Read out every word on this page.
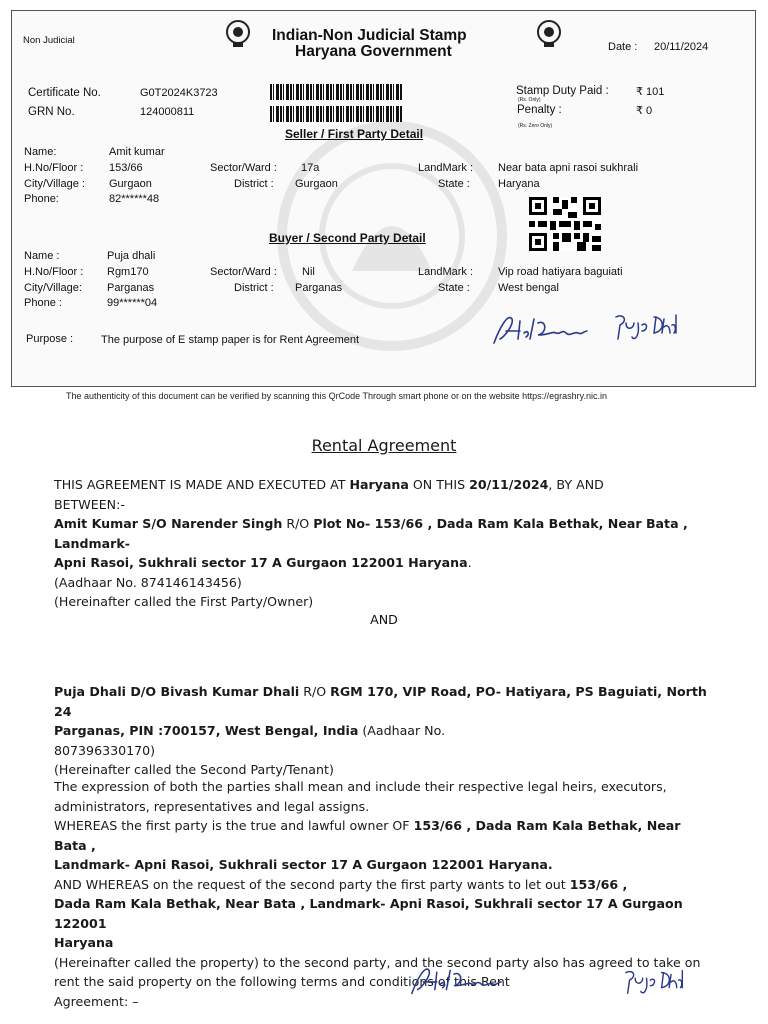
Non Judicial	Indian-Non Judicial Stamp
Haryana Government	Date : 20/11/2024
Certificate No.	G0T2024K3723
GRN No.	124000811
Stamp Duty Paid : ₹ 101
(Rs. Only)
Penalty :	₹ 0
(Rs. Zero Only)
Seller / First Party Detail
Name:	Amit kumar
H.No/Floor : 153/66	Sector/Ward : 17a	LandMark : Near bata apni rasoi sukhrali
City/Village : Gurgaon	District : Gurgaon	State :	Haryana
Phone:	82******48
Buyer / Second Party Detail
Name :	Puja dhali
H.No/Floor : Rgm170	Sector/Ward : Nil	LandMark : Vip road hatiyara baguiati
City/Village: Parganas	District : Parganas	State :	West bengal
Phone :	99******04
Purpose :	The purpose of E stamp paper is for Rent Agreement
The authenticity of this document can be verified by scanning this QrCode Through smart phone or on the website https://egrashry.nic.in
Rental Agreement

THIS AGREEMENT IS MADE AND EXECUTED AT Haryana ON THIS 20/11/2024, BY AND

BETWEEN:-

Amit Kumar S/O Narender Singh R/O Plot No- 153/66 , Dada Ram Kala Bethak, Near Bata , Landmark-

Apni Rasoi, Sukhrali sector 17 A Gurgaon 122001 Haryana.

(Aadhaar No. 874146143456)

(Hereinafter called the First Party/Owner)

AND

Puja Dhali D/O Bivash Kumar Dhali R/O RGM 170, VIP Road, PO- Hatiyara, PS Baguiati, North 24

Parganas, PIN :700157, West Bengal, India (Aadhaar No.

807396330170)

(Hereinafter called the Second Party/Tenant)

The expression of both the parties shall mean and include their respective legal heirs, executors,

administrators, representatives and legal assigns.

WHEREAS the first party is the true and lawful owner OF 153/66 , Dada Ram Kala Bethak, Near Bata ,

Landmark- Apni Rasoi, Sukhrali sector 17 A Gurgaon 122001 Haryana.

AND WHEREAS on the request of the second party the first party wants to let out 153/66 ,

Dada Ram Kala Bethak, Near Bata , Landmark- Apni Rasoi, Sukhrali sector 17 A Gurgaon 122001

Haryana

(Hereinafter called the property) to the second party, and the second party also has agreed to take on

rent the said property on the following terms and conditions of this Rent

Agreement: –
